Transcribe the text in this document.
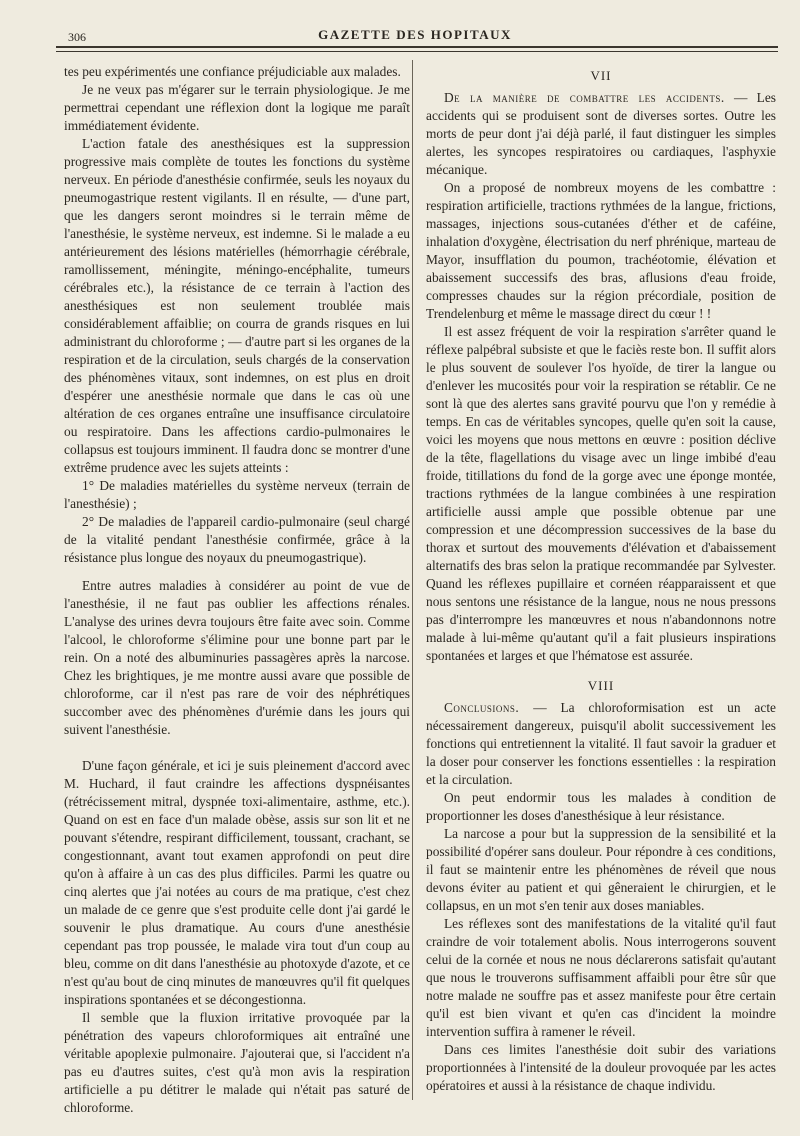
306	GAZETTE DES HOPITAUX

tes peu expérimentés une confiance préjudiciable aux malades.

Je ne veux pas m'égarer sur le terrain physiologique. Je me permettrai cependant une réflexion dont la logique me paraît immédiatement évidente.

L'action fatale des anesthésiques est la suppression progressive mais complète de toutes les fonctions du système nerveux. En période d'anesthésie confirmée, seuls les noyaux du pneumogastrique restent vigilants. Il en résulte, — d'une part, que les dangers seront moindres si le terrain même de l'anesthésie, le système nerveux, est indemne. Si le malade a eu antérieurement des lésions matérielles (hémorrhagie cérébrale, ramollissement, méningite, méningo-encéphalite, tumeurs cérébrales etc.), la résistance de ce terrain à l'action des anesthésiques est non seulement troublée mais considérablement affaiblie; on courra de grands risques en lui administrant du chloroforme ; — d'autre part si les organes de la respiration et de la circulation, seuls chargés de la conservation des phénomènes vitaux, sont indemnes, on est plus en droit d'espérer une anesthésie normale que dans le cas où une altération de ces organes entraîne une insuffisance circulatoire ou respiratoire. Dans les affections cardio-pulmonaires le collapsus est toujours imminent. Il faudra donc se montrer d'une extrême prudence avec les sujets atteints :

1° De maladies matérielles du système nerveux (terrain de l'anesthésie) ;

2° De maladies de l'appareil cardio-pulmonaire (seul chargé de la vitalité pendant l'anesthésie confirmée, grâce à la résistance plus longue des noyaux du pneumogastrique).

Entre autres maladies à considérer au point de vue de l'anesthésie, il ne faut pas oublier les affections rénales. L'analyse des urines devra toujours être faite avec soin. Comme l'alcool, le chloroforme s'élimine pour une bonne part par le rein. On a noté des albuminuries passagères après la narcose. Chez les brightiques, je me montre aussi avare que possible de chloroforme, car il n'est pas rare de voir des néphrétiques succomber avec des phénomènes d'urémie dans les jours qui suivent l'anesthésie.

D'une façon générale, et ici je suis pleinement d'accord avec M. Huchard, il faut craindre les affections dyspnéisantes (rétrécissement mitral, dyspnée toxi-alimentaire, asthme, etc.). Quand on est en face d'un malade obèse, assis sur son lit et ne pouvant s'étendre, respirant difficilement, toussant, crachant, se congestionnant, avant tout examen approfondi on peut dire qu'on à affaire à un cas des plus difficiles. Parmi les quatre ou cinq alertes que j'ai notées au cours de ma pratique, c'est chez un malade de ce genre que s'est produite celle dont j'ai gardé le souvenir le plus dramatique. Au cours d'une anesthésie cependant pas trop poussée, le malade vira tout d'un coup au bleu, comme on dit dans l'anesthésie au photoxyde d'azote, et ce n'est qu'au bout de cinq minutes de manœuvres qu'il fit quelques inspirations spontanées et se décongestionna.

Il semble que la fluxion irritative provoquée par la pénétration des vapeurs chloroformiques ait entraîné une véritable apoplexie pulmonaire. J'ajouterai que, si l'accident n'a pas eu d'autres suites, c'est qu'à mon avis la respiration artificielle a pu détitrer le malade qui n'était pas saturé de chloroforme.

VII

De la manière de combattre les accidents. — Les accidents qui se produisent sont de diverses sortes. Outre les morts de peur dont j'ai déjà parlé, il faut distinguer les simples alertes, les syncopes respiratoires ou cardiaques, l'asphyxie mécanique.

On a proposé de nombreux moyens de les combattre : respiration artificielle, tractions rythmées de la langue, frictions, massages, injections sous-cutanées d'éther et de caféine, inhalation d'oxygène, électrisation du nerf phrénique, marteau de Mayor, insufflation du poumon, trachéotomie, élévation et abaissement successifs des bras, aflusions d'eau froide, compresses chaudes sur la région précordiale, position de Trendelenburg et même le massage direct du cœur ! !

Il est assez fréquent de voir la respiration s'arrêter quand le réflexe palpébral subsiste et que le faciès reste bon. Il suffit alors le plus souvent de soulever l'os hyoïde, de tirer la langue ou d'enlever les mucosités pour voir la respiration se rétablir. Ce ne sont là que des alertes sans gravité pourvu que l'on y remédie à temps. En cas de véritables syncopes, quelle qu'en soit la cause, voici les moyens que nous mettons en œuvre : position déclive de la tête, flagellations du visage avec un linge imbibé d'eau froide, titillations du fond de la gorge avec une éponge montée, tractions rythmées de la langue combinées à une respiration artificielle aussi ample que possible obtenue par une compression et une décompression successives de la base du thorax et surtout des mouvements d'élévation et d'abaissement alternatifs des bras selon la pratique recommandée par Sylvester. Quand les réflexes pupillaire et cornéen réapparaissent et que nous sentons une résistance de la langue, nous ne nous pressons pas d'interrompre les manœuvres et nous n'abandonnons notre malade à lui-même qu'autant qu'il a fait plusieurs inspirations spontanées et larges et que l'hématose est assurée.

VIII

Conclusions. — La chloroformisation est un acte nécessairement dangereux, puisqu'il abolit successivement les fonctions qui entretiennent la vitalité. Il faut savoir la graduer et la doser pour conserver les fonctions essentielles : la respiration et la circulation.

On peut endormir tous les malades à condition de proportionner les doses d'anesthésique à leur résistance.

La narcose a pour but la suppression de la sensibilité et la possibilité d'opérer sans douleur. Pour répondre à ces conditions, il faut se maintenir entre les phénomènes de réveil que nous devons éviter au patient et qui gêneraient le chirurgien, et le collapsus, en un mot s'en tenir aux doses maniables.

Les réflexes sont des manifestations de la vitalité qu'il faut craindre de voir totalement abolis. Nous interrogerons souvent celui de la cornée et nous ne nous déclarerons satisfait qu'autant que nous le trouverons suffisamment affaibli pour être sûr que notre malade ne souffre pas et assez manifeste pour être certain qu'il est bien vivant et qu'en cas d'incident la moindre intervention suffira à ramener le réveil.

Dans ces limites l'anesthésie doit subir des variations proportionnées à l'intensité de la douleur provoquée par les actes opératoires et aussi à la résistance de chaque individu.
